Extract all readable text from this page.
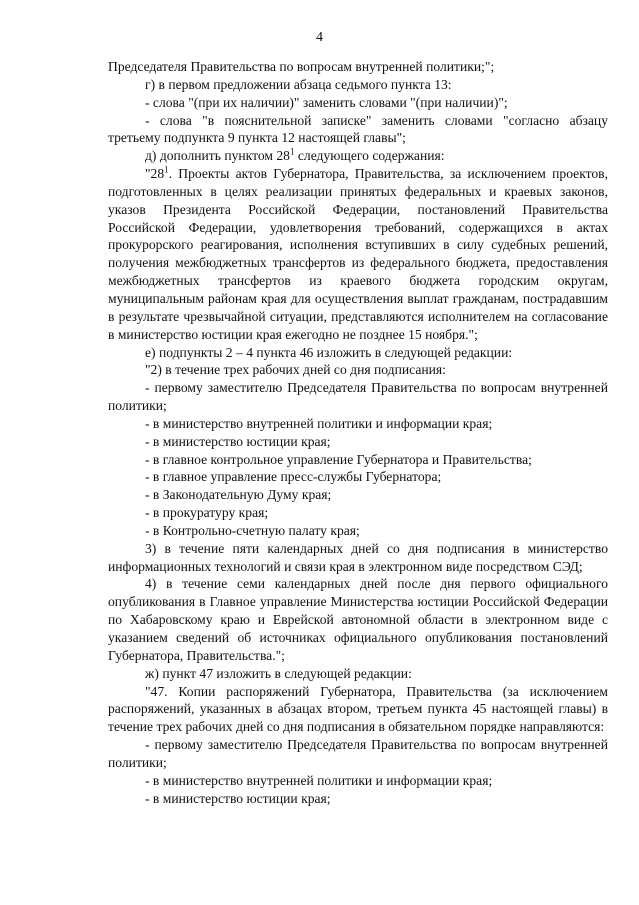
4

Председателя Правительства по вопросам внутренней политики;";

г) в первом предложении абзаца седьмого пункта 13:

- слова "(при их наличии)" заменить словами "(при наличии)";

- слова "в пояснительной записке" заменить словами "согласно абзацу третьему подпункта 9 пункта 12 настоящей главы";

д) дополнить пунктом $28^1$ следующего содержания:

"$28^1$. Проекты актов Губернатора, Правительства, за исключением проектов, подготовленных в целях реализации принятых федеральных и краевых законов, указов Президента Российской Федерации, постановлений Правительства Российской Федерации, удовлетворения требований, содержащихся в актах прокурорского реагирования, исполнения вступивших в силу судебных решений, получения межбюджетных трансфертов из федерального бюджета, предоставления межбюджетных трансфертов из краевого бюджета городским округам, муниципальным районам края для осуществления выплат гражданам, пострадавшим в результате чрезвычайной ситуации, представляются исполнителем на согласование в министерство юстиции края ежегодно не позднее 15 ноября.";

е) подпункты 2 – 4 пункта 46 изложить в следующей редакции:

"2) в течение трех рабочих дней со дня подписания:

- первому заместителю Председателя Правительства по вопросам внутренней политики;

- в министерство внутренней политики и информации края;

- в министерство юстиции края;

- в главное контрольное управление Губернатора и Правительства;

- в главное управление пресс-службы Губернатора;

- в Законодательную Думу края;

- в прокуратуру края;

- в Контрольно-счетную палату края;

3) в течение пяти календарных дней со дня подписания в министерство информационных технологий и связи края в электронном виде посредством СЭД;

4) в течение семи календарных дней после дня первого официального опубликования в Главное управление Министерства юстиции Российской Федерации по Хабаровскому краю и Еврейской автономной области в электронном виде с указанием сведений об источниках официального опубликования постановлений Губернатора, Правительства.";

ж) пункт 47 изложить в следующей редакции:

"47. Копии распоряжений Губернатора, Правительства (за исключением распоряжений, указанных в абзацах втором, третьем пункта 45 настоящей главы) в течение трех рабочих дней со дня подписания в обязательном порядке направляются:

- первому заместителю Председателя Правительства по вопросам внутренней политики;

- в министерство внутренней политики и информации края;

- в министерство юстиции края;
